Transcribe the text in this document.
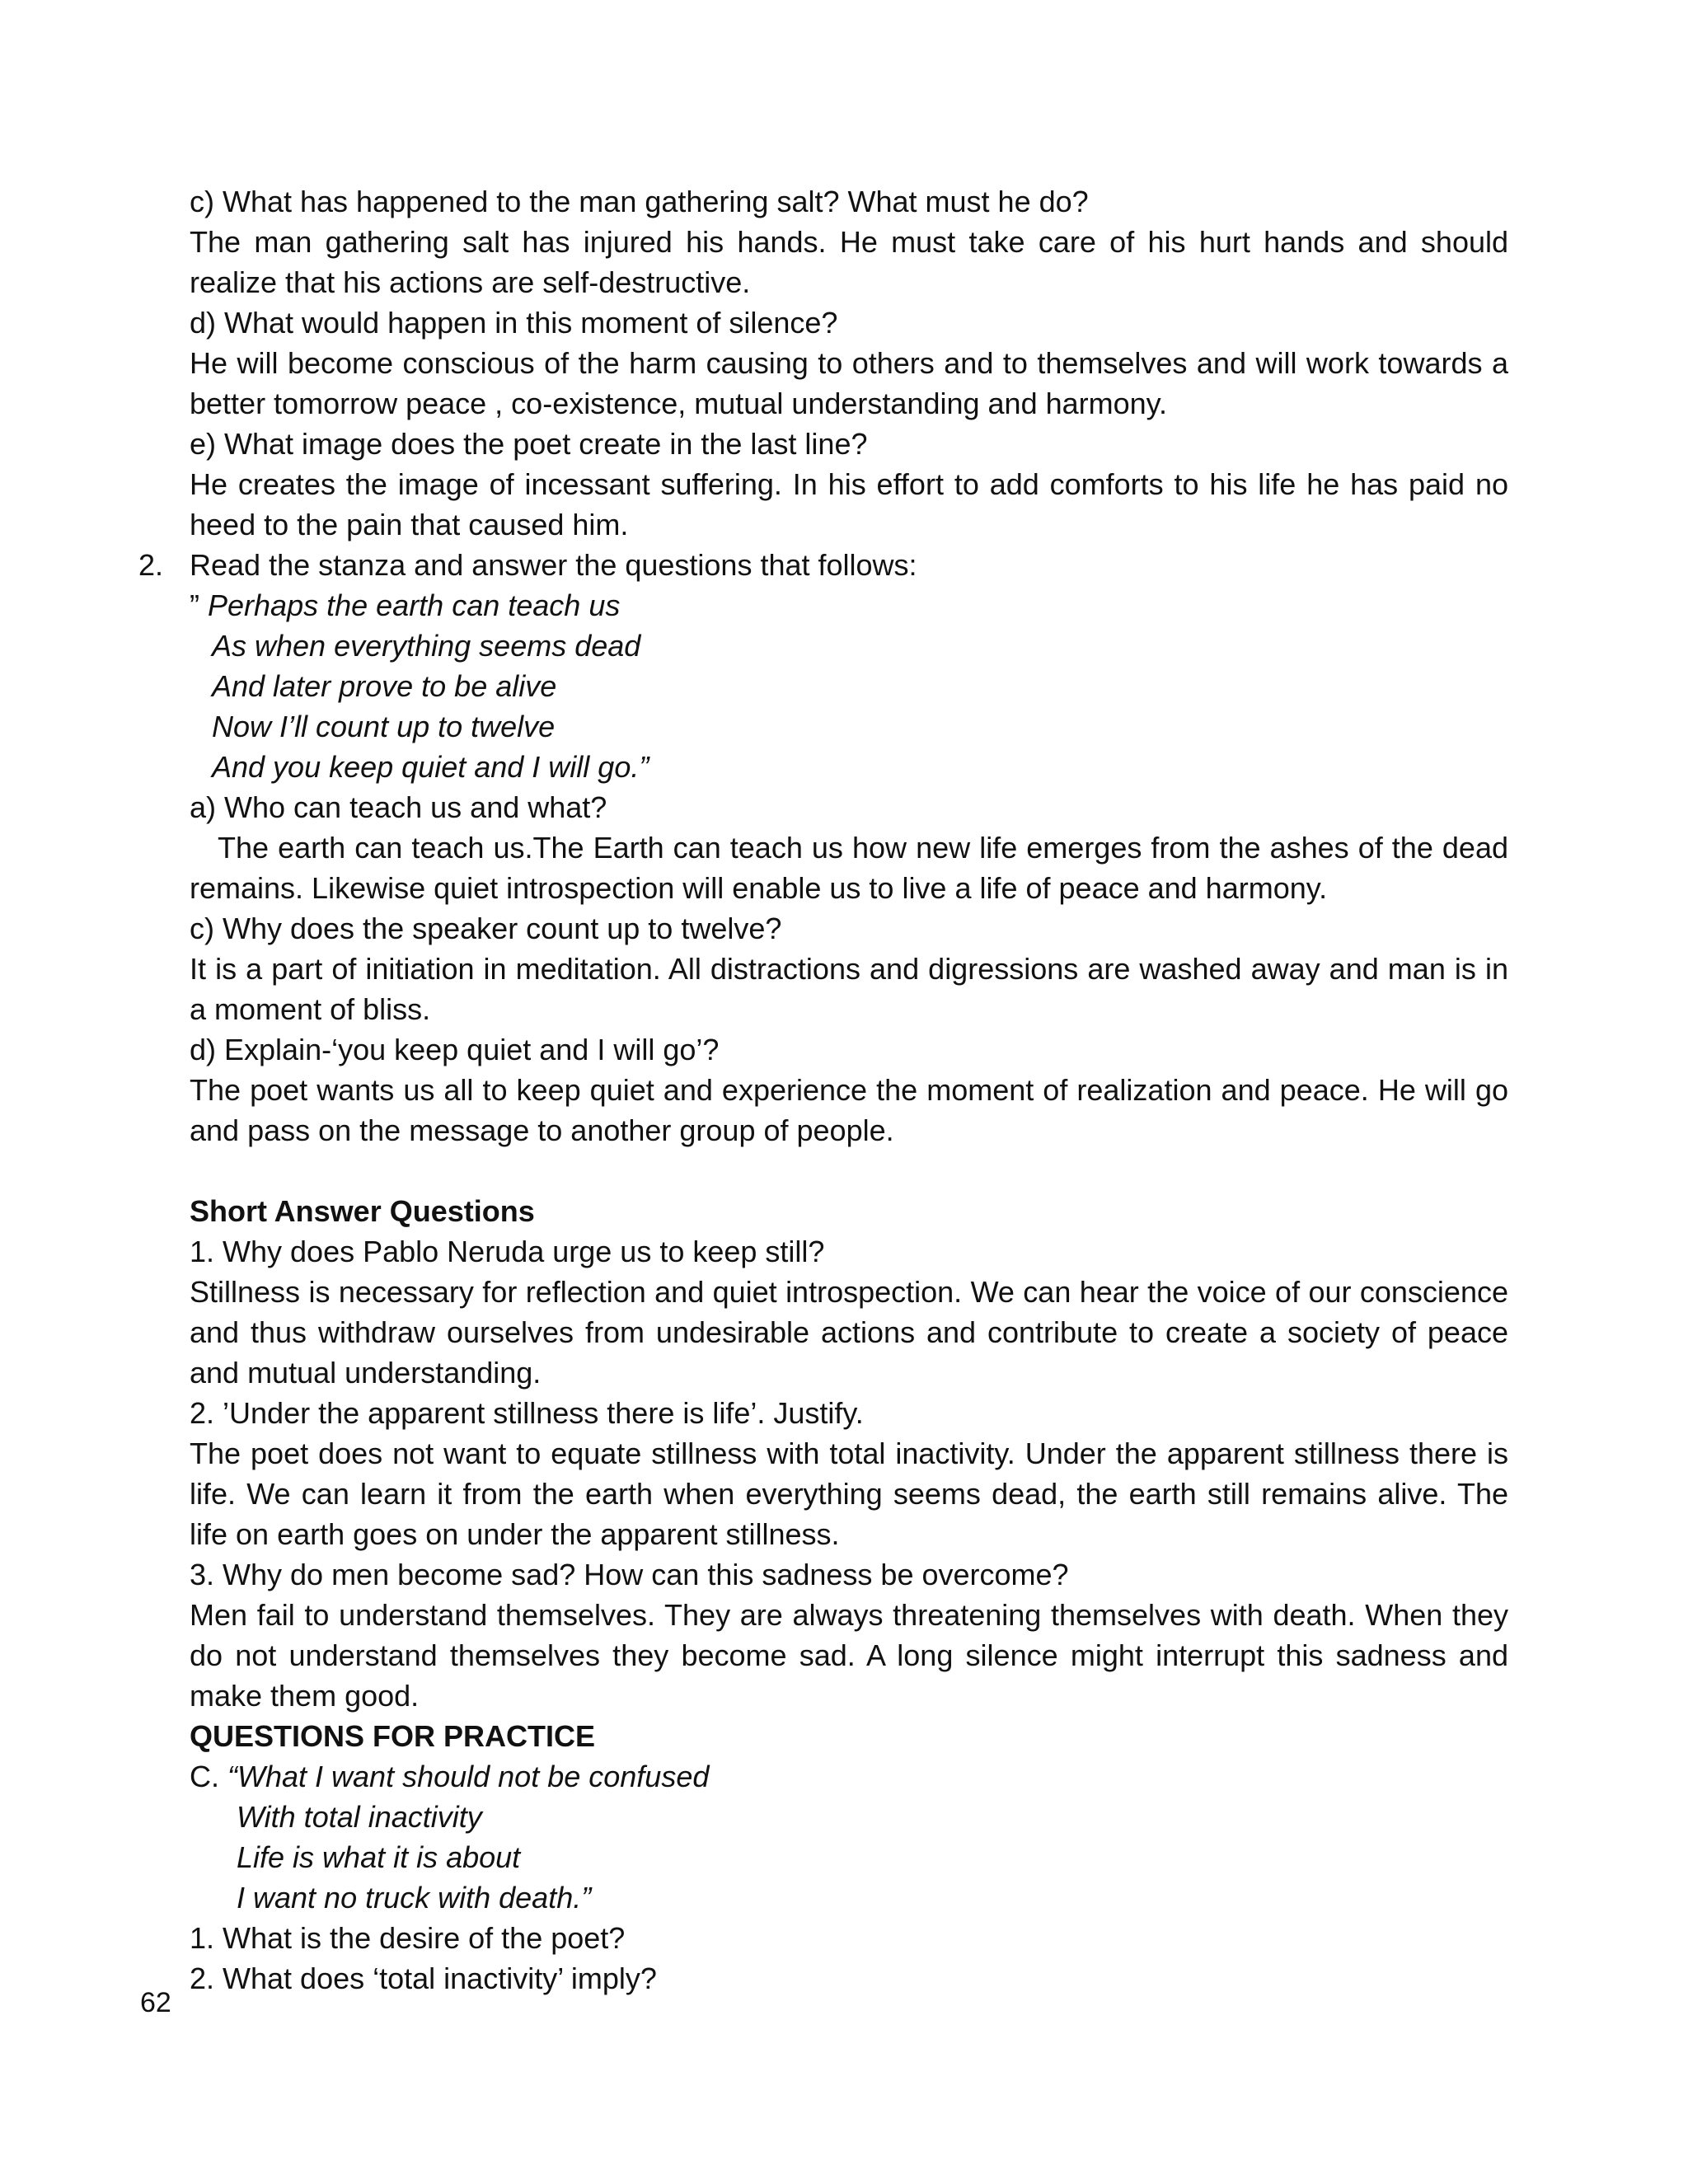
c) What has happened to the man gathering salt? What must he do?
The man gathering salt has injured his hands. He must take care of his hurt hands and should realize that his actions are self-destructive.
d) What would happen in this moment of silence?
He will become conscious of the harm causing to others and to themselves and will work towards a better tomorrow peace , co-existence, mutual understanding and harmony.
e) What image does the poet create in the last line?
He creates the image of incessant suffering. In his effort to add comforts to his life he has paid no heed to the pain that caused him.
2. Read the stanza and answer the questions that follows:
” Perhaps the earth can teach us
As when everything seems dead
And later prove to be alive
Now I’ll count up to twelve
And you keep quiet and I will go.”
a) Who can teach us and what?
The earth can teach us.The Earth can teach us how new life emerges from the ashes of the dead remains. Likewise quiet introspection will enable us to live a life of peace and harmony.
c) Why does the speaker count up to twelve?
It is a part of initiation in meditation. All distractions and digressions are washed away and man is in a moment of bliss.
d) Explain-‘you keep quiet and I will go’?
The poet wants us all to keep quiet and experience the moment of realization and peace. He will go and pass on the message to another group of people.
Short Answer Questions
1. Why does Pablo Neruda urge us to keep still?
Stillness is necessary for reflection and quiet introspection. We can hear the voice of our conscience and thus withdraw ourselves from undesirable actions and contribute to create a society of peace and mutual understanding.
2. ’Under the apparent stillness there is life’. Justify.
The poet does not want to equate stillness with total inactivity. Under the apparent stillness there is life. We can learn it from the earth when everything seems dead, the earth still remains alive. The life on earth goes on under the apparent stillness.
3. Why do men become sad? How can this sadness be overcome?
Men fail to understand themselves. They are always threatening themselves with death. When they do not understand themselves they become sad. A long silence might interrupt this sadness and make them good.
QUESTIONS FOR PRACTICE
C. “What I want should not be confused
With total inactivity
Life is what it is about
I want no truck with death.”
1. What is the desire of the poet?
2. What does ‘total inactivity’ imply?
62
